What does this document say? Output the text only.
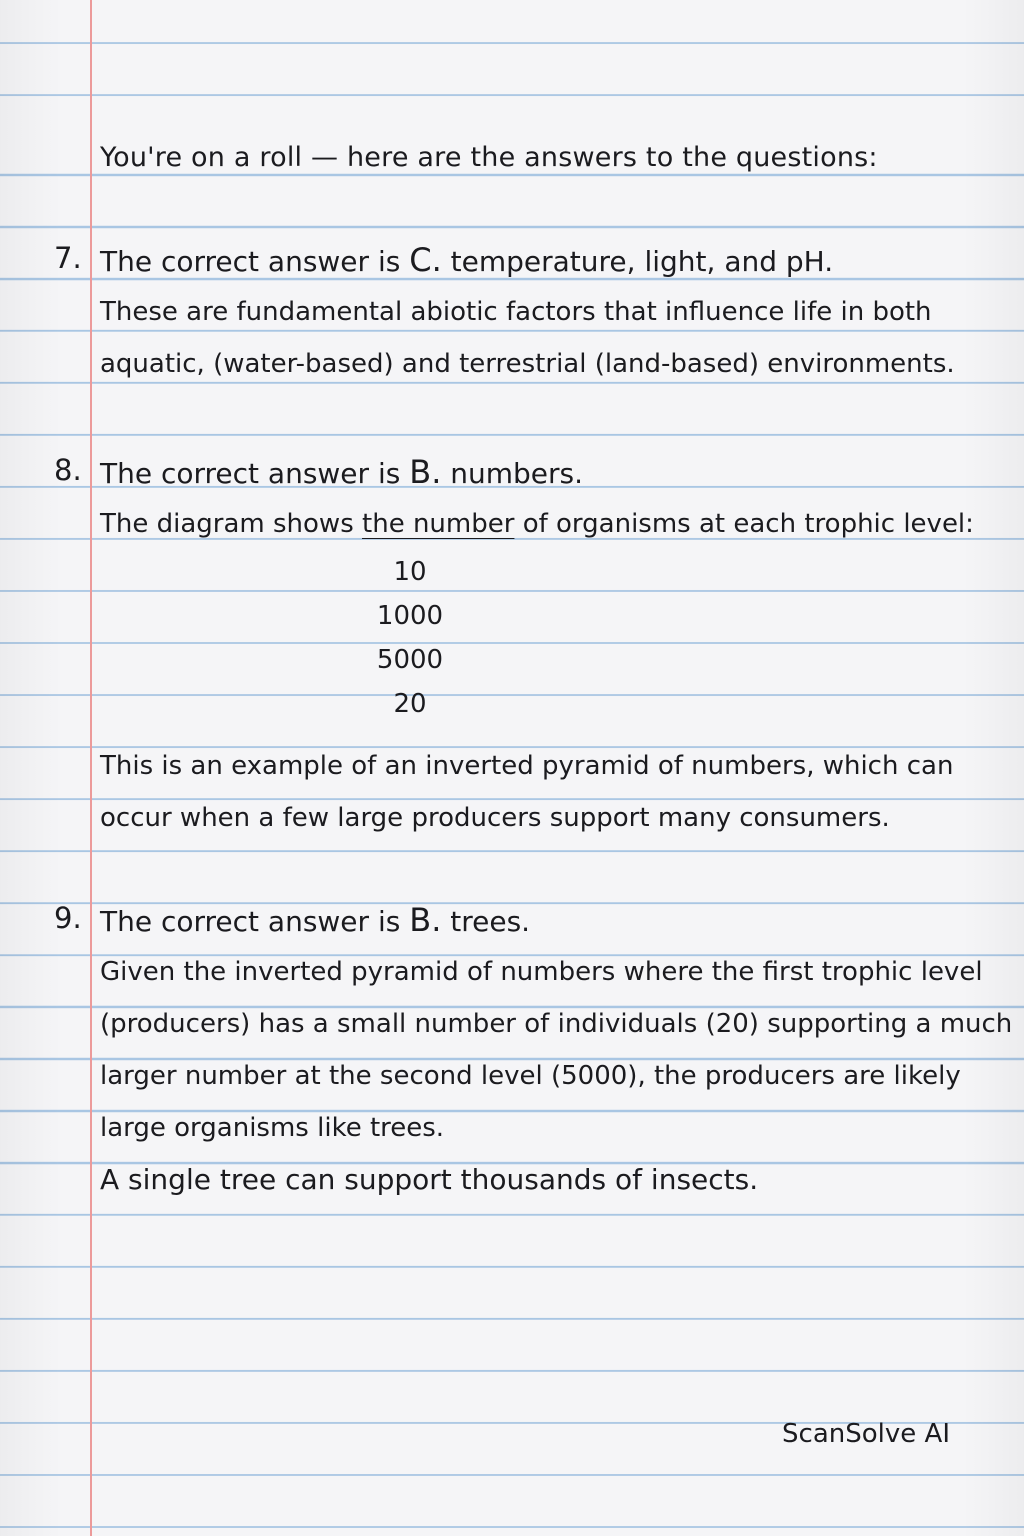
You're on a roll — here are the answers to the questions:

7. The correct answer is C. temperature, light, and pH.
These are fundamental abiotic factors that influence life in both
aquatic, (water-based) and terrestrial (land-based) environments.
8. The correct answer is B. numbers.
The diagram shows the number of organisms at each trophic level:
10
1000
5000
20
This is an example of an inverted pyramid of numbers, which can
occur when a few large producers support many consumers.
9. The correct answer is B. trees.
Given the inverted pyramid of numbers where the first trophic level
(producers) has a small number of individuals (20) supporting a much
larger number at the second level (5000), the producers are likely
large organisms like trees.
A single tree can support thousands of insects.
ScanSolve AI
